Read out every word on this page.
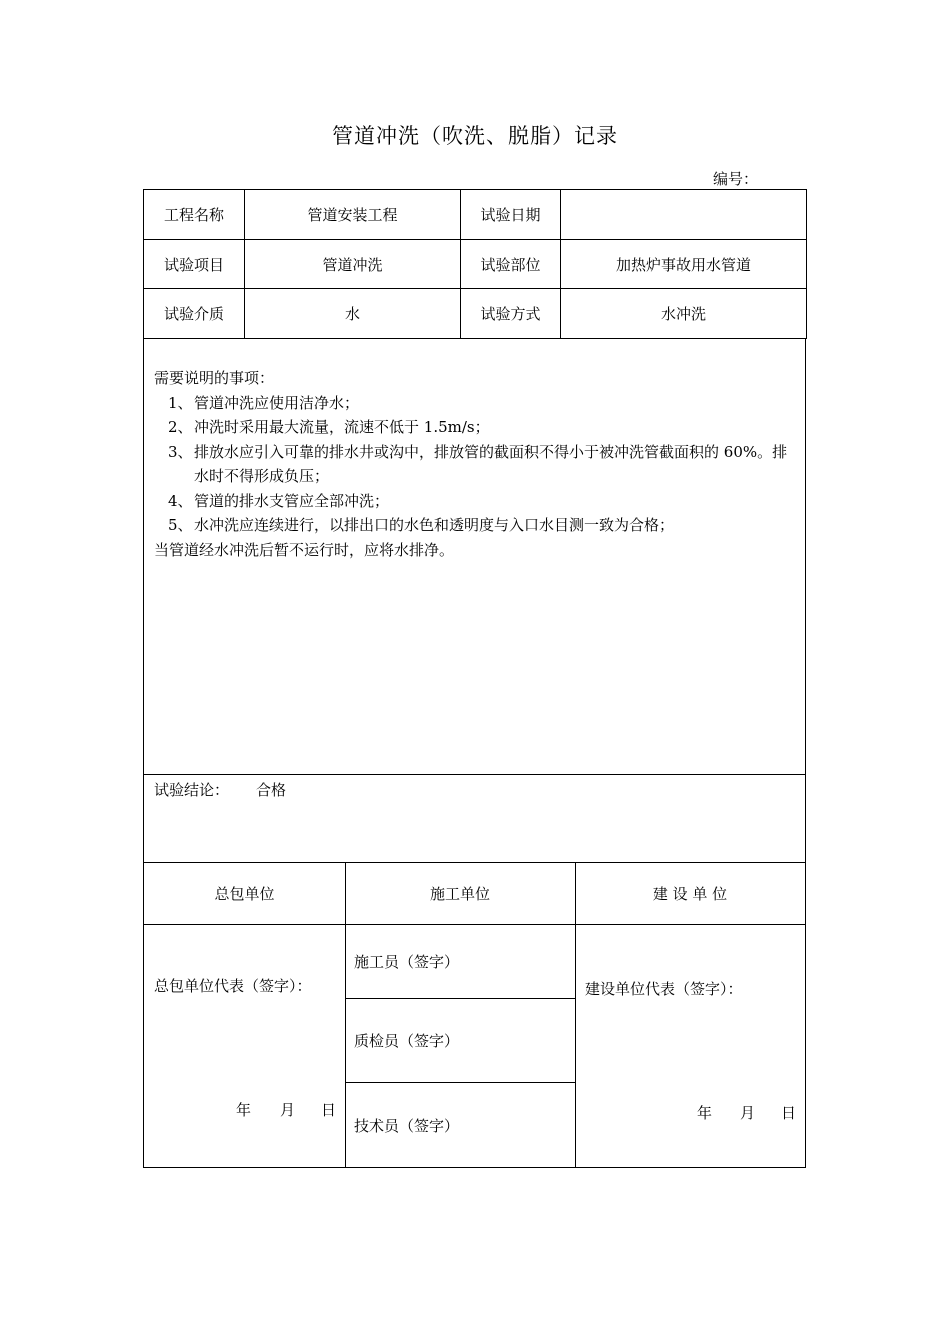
管道冲洗（吹洗、脱脂）记录
编号：
工程名称	管道安装工程	试验日期	
试验项目	管道冲洗	试验部位	加热炉事故用水管道
试验介质	水	试验方式	水冲洗
需要说明的事项：
1、 管道冲洗应使用洁净水；
2、 冲洗时采用最大流量，流速不低于 1.5m/s；
3、 排放水应引入可靠的排水井或沟中，排放管的截面积不得小于被冲洗管截面积的 60%。排水时不得形成负压；
4、 管道的排水支管应全部冲洗；
5、 水冲洗应连续进行，以排出口的水色和透明度与入口水目测一致为合格；
当管道经水冲洗后暂不运行时，应将水排净。
试验结论： 合格
总包单位	施工单位	建 设 单 位
总包单位代表（签字）：
年 月 日
施工员（签字）
质检员（签字）
技术员（签字）
建设单位代表（签字）：
年 月 日
